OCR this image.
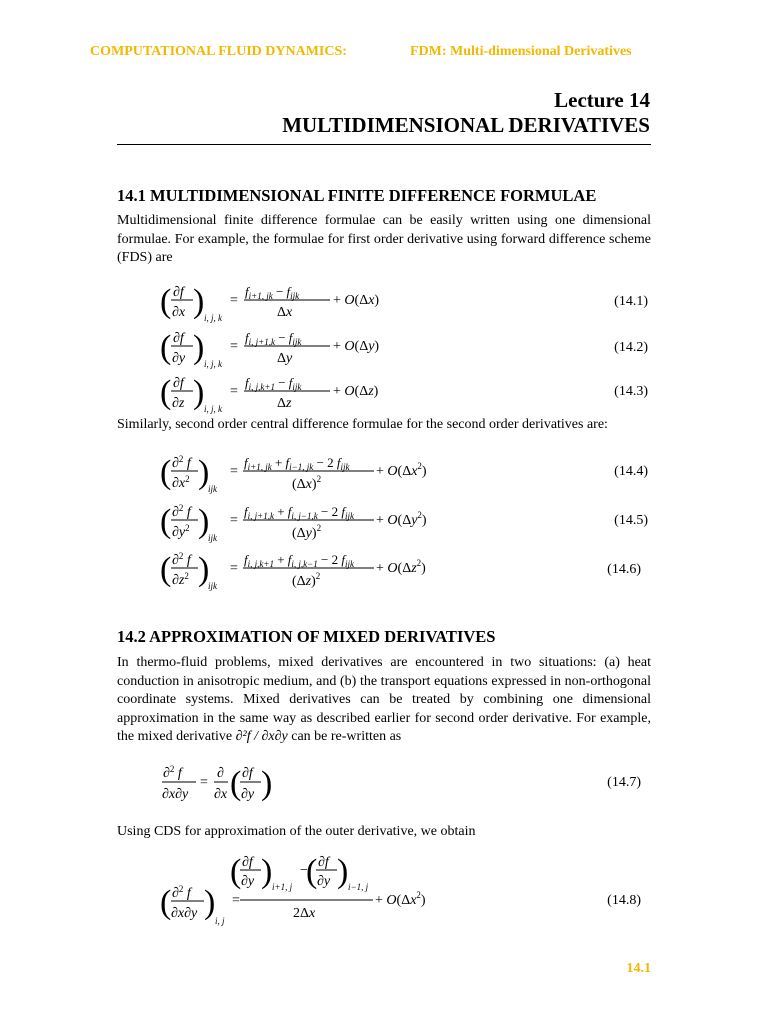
COMPUTATIONAL FLUID DYNAMICS:	FDM: Multi-dimensional Derivatives
Lecture 14
MULTIDIMENSIONAL DERIVATIVES
14.1 MULTIDIMENSIONAL FINITE DIFFERENCE FORMULAE
Multidimensional finite difference formulae can be easily written using one dimensional formulae. For example, the formulae for first order derivative using forward difference scheme (FDS) are
( ∂f
∂x ) i, j, k
=
$f_{i+1, jk} - f_{ijk}$
Δx
+ O(Δx)	(14.1)
( ∂f
∂y ) i, j, k
=
$f_{i, j+1,k} - f_{ijk}$
Δy
+ O(Δy)	(14.2)
( ∂f
∂z ) i, j, k
=
$f_{i, j,k+1} - f_{ijk}$
Δz
+ O(Δz)	(14.3)
Similarly, second order central difference formulae for the second order derivatives are:
( ∂$^2$ f
$\partial x^2$ )
ijk
=
$f_{i+1, jk} + f_{i-1, jk} - 2$ $f_{ijk}$
$(\Delta x)^2$	+ $O(\Delta x^2)$	(14.4)
( ∂$^2$ f
$\partial y^2$ )
ijk
=
$f_{i, j+1,k} + f_{i, j-1,k} - 2$ $f_{ijk}$
$(\Delta y)^2$	+ $O(\Delta y^2)$	(14.5)
( ∂$^2$ f
$\partial z^2$ )
ijk
=
$f_{i, j,k+1} + f_{i, j,k-1} - 2$ $f_{ijk}$
$(\Delta z)^2$	+ $O(\Delta z^2)$	(14.6)
14.2 APPROXIMATION OF MIXED DERIVATIVES
In thermo-fluid problems, mixed derivatives are encountered in two situations: (a) heat conduction in anisotropic medium, and (b) the transport equations expressed in non-orthogonal coordinate systems. Mixed derivatives can be treated by combining one dimensional approximation in the same way as described earlier for second order derivative. For example, the mixed derivative ∂²f / ∂x∂y can be re-written as
∂$^2$ f
∂x∂y
=
∂
∂x ( ∂f
∂y )	(14.7)
Using CDS for approximation of the outer derivative, we obtain
( ∂$^2$ f
∂x∂y ) i, j
=
( ∂f
∂y ) i+1, j
−
( ∂f
∂y ) i−1, j
2Δx
+ $O(\Delta x^2)$	(14.8)
14.1
